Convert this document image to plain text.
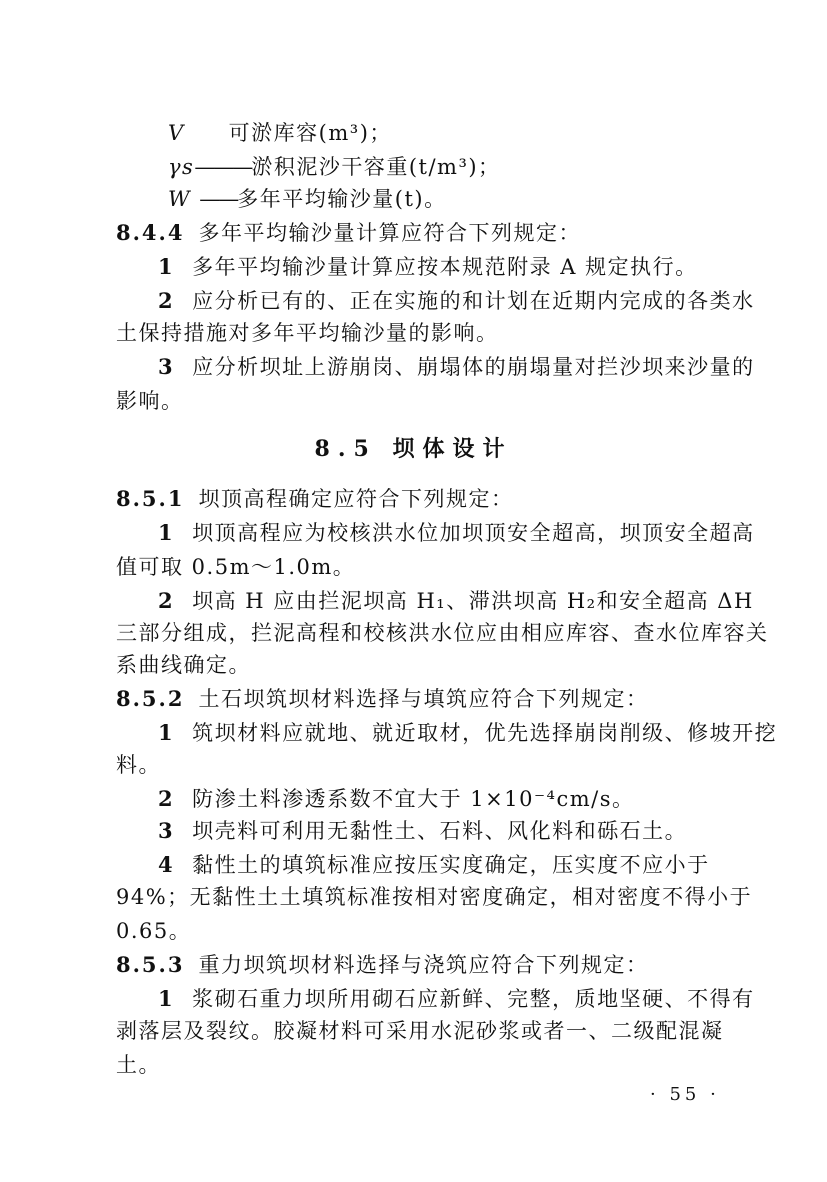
V 可淤库容(m³)；
γs———淤积泥沙干容重(t/m³)；
W ——多年平均输沙量(t)。
8.4.4 多年平均输沙量计算应符合下列规定：
1 多年平均输沙量计算应按本规范附录 A 规定执行。
2 应分析已有的、正在实施的和计划在近期内完成的各类水
土保持措施对多年平均输沙量的影响。
3 应分析坝址上游崩岗、崩塌体的崩塌量对拦沙坝来沙量的
影响。
8.5 坝体设计
8.5.1 坝顶高程确定应符合下列规定：
1 坝顶高程应为校核洪水位加坝顶安全超高，坝顶安全超高
值可取 0.5m～1.0m。
2 坝高 H 应由拦泥坝高 H₁、滞洪坝高 H₂和安全超高 ΔH
三部分组成，拦泥高程和校核洪水位应由相应库容、查水位库容关
系曲线确定。
8.5.2 土石坝筑坝材料选择与填筑应符合下列规定：
1 筑坝材料应就地、就近取材，优先选择崩岗削级、修坡开挖
料。
2 防渗土料渗透系数不宜大于 1×10⁻⁴cm/s。
3 坝壳料可利用无黏性土、石料、风化料和砾石土。
4 黏性土的填筑标准应按压实度确定，压实度不应小于
94%；无黏性土土填筑标准按相对密度确定，相对密度不得小于
0.65。
8.5.3 重力坝筑坝材料选择与浇筑应符合下列规定：
1 浆砌石重力坝所用砌石应新鲜、完整，质地坚硬、不得有
剥落层及裂纹。胶凝材料可采用水泥砂浆或者一、二级配混凝
土。
· 55 ·
